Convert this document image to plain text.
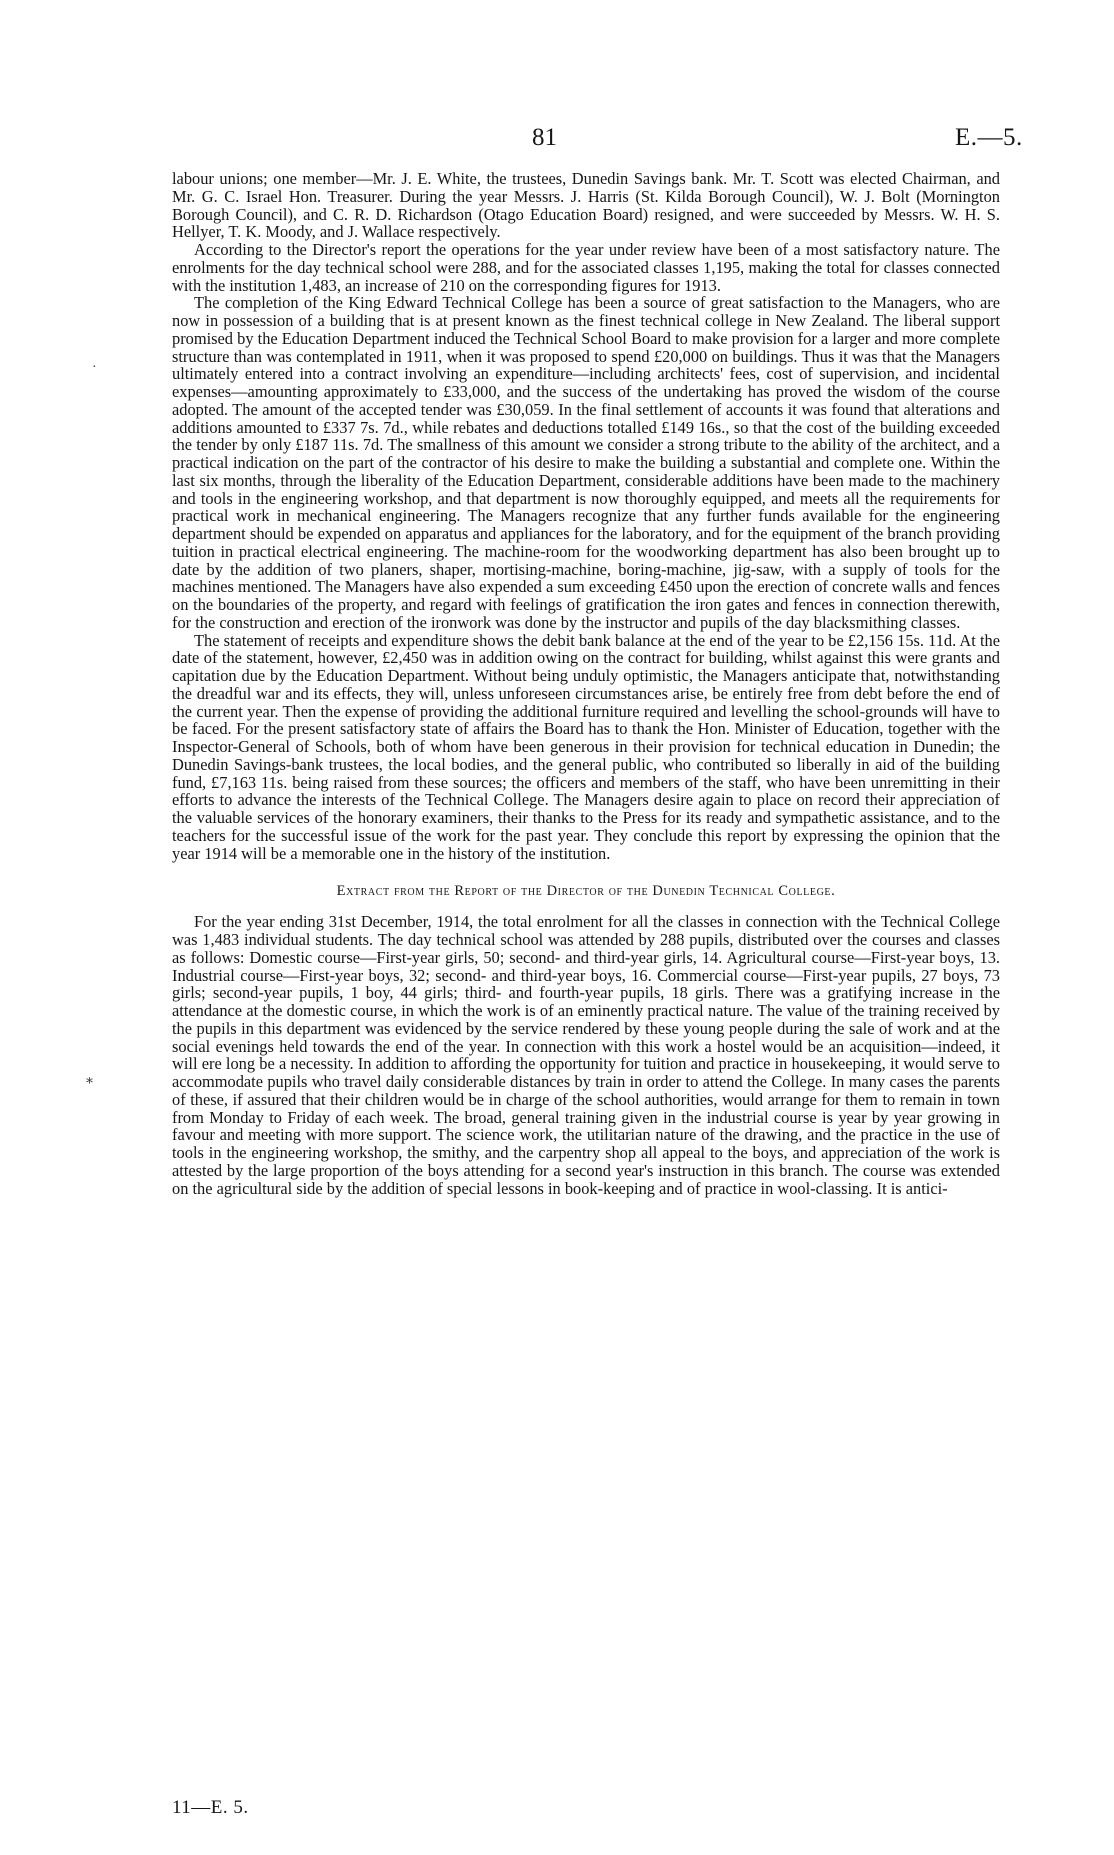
81	E.—5.
·
⁎

labour unions; one member—Mr. J. E. White, the trustees, Dunedin Savings bank. Mr. T. Scott was elected Chairman, and Mr. G. C. Israel Hon. Treasurer. During the year Messrs. J. Harris (St. Kilda Borough Council), W. J. Bolt (Mornington Borough Council), and C. R. D. Richardson (Otago Education Board) resigned, and were succeeded by Messrs. W. H. S. Hellyer, T. K. Moody, and J. Wallace respectively.

According to the Director's report the operations for the year under review have been of a most satisfactory nature. The enrolments for the day technical school were 288, and for the associated classes 1,195, making the total for classes connected with the institution 1,483, an increase of 210 on the corresponding figures for 1913.

The completion of the King Edward Technical College has been a source of great satisfaction to the Managers, who are now in possession of a building that is at present known as the finest technical college in New Zealand. The liberal support promised by the Education Department induced the Technical School Board to make provision for a larger and more complete structure than was contemplated in 1911, when it was proposed to spend £20,000 on buildings. Thus it was that the Managers ultimately entered into a contract involving an expenditure—including architects' fees, cost of supervision, and incidental expenses—amounting approximately to £33,000, and the success of the undertaking has proved the wisdom of the course adopted. The amount of the accepted tender was £30,059. In the final settlement of accounts it was found that alterations and additions amounted to £337 7s. 7d., while rebates and deductions totalled £149 16s., so that the cost of the building exceeded the tender by only £187 11s. 7d. The smallness of this amount we consider a strong tribute to the ability of the architect, and a practical indication on the part of the contractor of his desire to make the building a substantial and complete one. Within the last six months, through the liberality of the Education Department, considerable additions have been made to the machinery and tools in the engineering workshop, and that department is now thoroughly equipped, and meets all the requirements for practical work in mechanical engineering. The Managers recognize that any further funds available for the engineering department should be expended on apparatus and appliances for the laboratory, and for the equipment of the branch providing tuition in practical electrical engineering. The machine-room for the woodworking department has also been brought up to date by the addition of two planers, shaper, mortising-machine, boring-machine, jig-saw, with a supply of tools for the machines mentioned. The Managers have also expended a sum exceeding £450 upon the erection of concrete walls and fences on the boundaries of the property, and regard with feelings of gratification the iron gates and fences in connection therewith, for the construction and erection of the ironwork was done by the instructor and pupils of the day blacksmithing classes.

The statement of receipts and expenditure shows the debit bank balance at the end of the year to be £2,156 15s. 11d. At the date of the statement, however, £2,450 was in addition owing on the contract for building, whilst against this were grants and capitation due by the Education Department. Without being unduly optimistic, the Managers anticipate that, notwithstanding the dreadful war and its effects, they will, unless unforeseen circumstances arise, be entirely free from debt before the end of the current year. Then the expense of providing the additional furniture required and levelling the school-grounds will have to be faced. For the present satisfactory state of affairs the Board has to thank the Hon. Minister of Education, together with the Inspector-General of Schools, both of whom have been generous in their provision for technical education in Dunedin; the Dunedin Savings-bank trustees, the local bodies, and the general public, who contributed so liberally in aid of the building fund, £7,163 11s. being raised from these sources; the officers and members of the staff, who have been unremitting in their efforts to advance the interests of the Technical College. The Managers desire again to place on record their appreciation of the valuable services of the honorary examiners, their thanks to the Press for its ready and sympathetic assistance, and to the teachers for the successful issue of the work for the past year. They conclude this report by expressing the opinion that the year 1914 will be a memorable one in the history of the institution.

Extract from the Report of the Director of the Dunedin Technical College.

For the year ending 31st December, 1914, the total enrolment for all the classes in connection with the Technical College was 1,483 individual students. The day technical school was attended by 288 pupils, distributed over the courses and classes as follows: Domestic course—First-year girls, 50; second- and third-year girls, 14. Agricultural course—First-year boys, 13. Industrial course—First-year boys, 32; second- and third-year boys, 16. Commercial course—First-year pupils, 27 boys, 73 girls; second-year pupils, 1 boy, 44 girls; third- and fourth-year pupils, 18 girls. There was a gratifying increase in the attendance at the domestic course, in which the work is of an eminently practical nature. The value of the training received by the pupils in this department was evidenced by the service rendered by these young people during the sale of work and at the social evenings held towards the end of the year. In connection with this work a hostel would be an acquisition—indeed, it will ere long be a necessity. In addition to affording the opportunity for tuition and practice in housekeeping, it would serve to accommodate pupils who travel daily considerable distances by train in order to attend the College. In many cases the parents of these, if assured that their children would be in charge of the school authorities, would arrange for them to remain in town from Monday to Friday of each week. The broad, general training given in the industrial course is year by year growing in favour and meeting with more support. The science work, the utilitarian nature of the drawing, and the practice in the use of tools in the engineering workshop, the smithy, and the carpentry shop all appeal to the boys, and appreciation of the work is attested by the large proportion of the boys attending for a second year's instruction in this branch. The course was extended on the agricultural side by the addition of special lessons in book-keeping and of practice in wool-classing. It is antici-

11—E. 5.
